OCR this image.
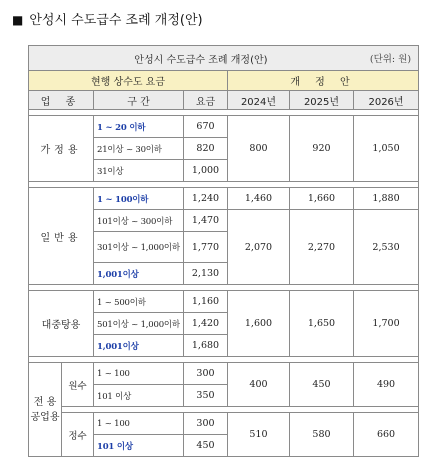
■ 안성시 수도급수 조례 개정(안)
안성시 수도급수 조례 개정(안) (단위: 원)						

현행 상수도 요금				개 정 안		
업 종		구 간	요금	2024년	2025년	2026년

가정용		1 ~ 20 이하	670	800	920	1,050
		21이상 ~ 30이하	820			
		31이상	1,000			

일반용		1 ~ 100이하	1,240	1,460	1,660	1,880
		101이상 ~ 300이하	1,470	2,070	2,270	2,530
		301이상 ~ 1,000이하	1,770			
		1,001이상	2,130			

대중탕용		1 ~ 500이하	1,160	1,600	1,650	1,700
		501이상 ~ 1,000이하	1,420			
		1,001이상	1,680			

전 용
공업용	원수	1 ~ 100	300	400	450	490
		101 이상	350			

	정수	1 ~ 100	300	510	580	660
		101 이상	450			
